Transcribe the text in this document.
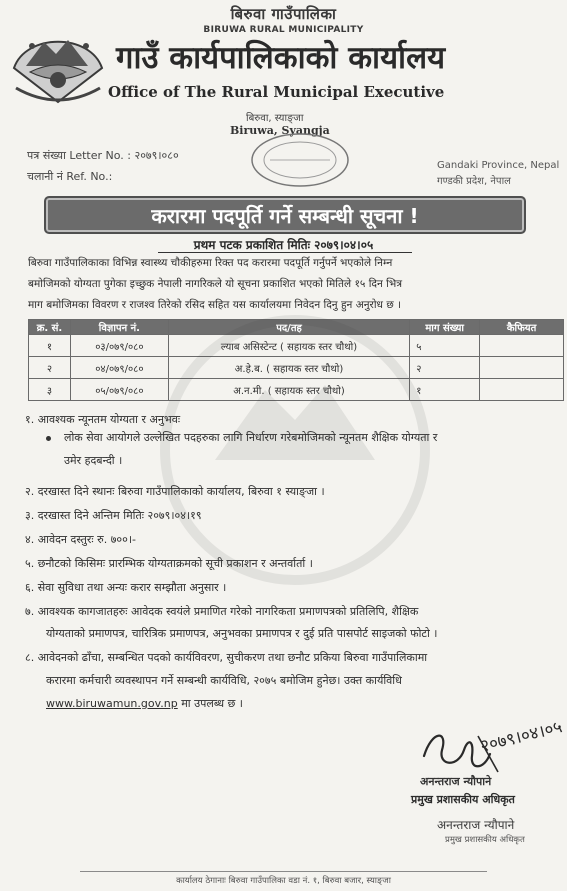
बिरुवा गाउँपालिका
BIRUWA RURAL MUNICIPALITY
गाउँ कार्यपालिकाको कार्यालय
Office of The Rural Municipal Executive
बिरुवा, स्याङ्जा
Biruwa, Syangja
पत्र संख्या Letter No. : २०७९।०८०
चलानी नं Ref. No.:
Gandaki Province, Nepal
गण्डकी प्रदेश, नेपाल
करारमा पदपूर्ति गर्ने सम्बन्धी सूचना !
प्रथम पटक प्रकाशित मितिः २०७९।०४।०५
बिरुवा गाउँपालिकाका विभिन्न स्वास्थ्य चौकीहरुमा रिक्त पद करारमा पदपूर्ति गर्नुपर्ने भएकोले निम्न
बमोजिमको योग्यता पुगेका इच्छुक नेपाली नागरिकले यो सूचना प्रकाशित भएको मितिले १५ दिन भित्र
माग बमोजिमका विवरण र राजश्व तिरेको रसिद सहित यस कार्यालयमा निवेदन दिनु हुन अनुरोध छ ।
क्र. सं.	विज्ञापन नं.	पद/तह	माग संख्या	कैफियत
१	०३/०७९/०८०	ल्याब असिस्टेन्ट ( सहायक स्तर चौथो)	५	
२	०४/०७९/०८०	अ.हे.ब. ( सहायक स्तर चौथो)	२	
३	०५/०७९/०८०	अ.न.मी. ( सहायक स्तर चौथो)	१	
१. आवश्यक न्यूनतम योग्यता र अनुभवः
लोक सेवा आयोगले उल्लेखित पदहरुका लागि निर्धारण गरेबमोजिमको न्यूनतम शैक्षिक योग्यता र
उमेर हदबन्दी ।
२. दरखास्त दिने स्थानः बिरुवा गाउँपालिकाको कार्यालय, बिरुवा १ स्याङ्जा ।
३. दरखास्त दिने अन्तिम मितिः २०७९।०४।१९
४. आवेदन दस्तुरः रु. ७००।-
५. छनौटको किसिमः प्रारम्भिक योग्यताक्रमको सूची प्रकाशन र अन्तर्वार्ता ।
६. सेवा सुविधा तथा अन्यः करार सम्झौता अनुसार ।
७. आवश्यक कागजातहरुः आवेदक स्वयंले प्रमाणित गरेको नागरिकता प्रमाणपत्रको प्रतिलिपि, शैक्षिक
योग्यताको प्रमाणपत्र, चारित्रिक प्रमाणपत्र, अनुभवका प्रमाणपत्र र दुई प्रति पासपोर्ट साइजको फोटो ।
८. आवेदनको ढाँचा, सम्बन्धित पदको कार्यविवरण, सुचीकरण तथा छनौट प्रकिया बिरुवा गाउँपालिकामा
करारमा कर्मचारी व्यवस्थापन गर्ने सम्बन्धी कार्यविधि, २०७५ बमोजिम हुनेछ। उक्त कार्यविधि
www.biruwamun.gov.np मा उपलब्ध छ ।
२०७९।०४।०५
अनन्तराज न्यौपाने
प्रमुख प्रशासकीय अधिकृत
अनन्तराज न्यौपाने
प्रमुख प्रशासकीय अधिकृत
कार्यालय ठेगानाः बिरुवा गाउँपालिका वडा नं. १, बिरुवा बजार, स्याङ्जा
